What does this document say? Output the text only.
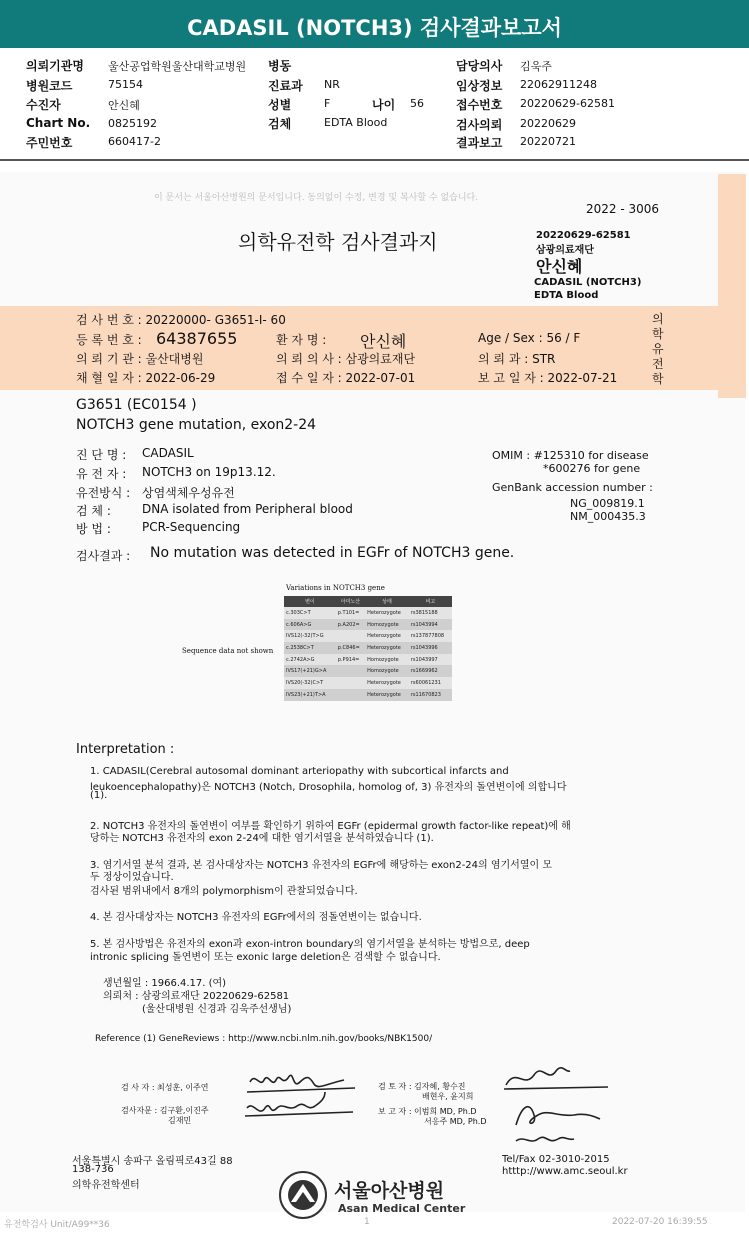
CADASIL (NOTCH3) 검사결과보고서
의뢰기관명 울산공업학원울산대학교병원
병원코드	75154
수진자	안신혜
Chart No. 0825192
주민번호	660417-2
병동
진료과 NR
성별	F	나이 56
검체	EDTA Blood
담당의사 김욱주
임상정보 22062911248
접수번호 20220629-62581
검사의뢰 20220629
결과보고 20220721
이 문서는 서울아산병원의 문서입니다. 동의없이 수정, 변경 및 복사할 수 없습니다.
2022 - 3006
의학유전학 검사결과지	20220629-62581
삼광의료재단
안신혜
CADASIL (NOTCH3)
EDTA Blood
의학유전학
검 사 번 호 : 20220000- G3651-I- 60
등 록 번 호 : 64387655	환 자 명 : 안신혜	Age / Sex : 56 / F
의 뢰 기 관 : 울산대병원	의 뢰 의 사 : 삼광의료재단	의 뢰 과 : STR
채 혈 일 자 : 2022-06-29	접 수 일 자 : 2022-07-01	보 고 일 자 : 2022-07-21
G3651 (EC0154 )
NOTCH3 gene mutation, exon2-24
진 단 명 : CADASIL
유 전 자 : NOTCH3 on 19p13.12.
유전방식 : 상염색체우성유전
검 체 :	DNA isolated from Peripheral blood
방 법 :	PCR-Sequencing
OMIM : #125310 for disease
*600276 for gene
GenBank accession number :
NG_009819.1
NM_000435.3
검사결과 : No mutation was detected in EGFr of NOTCH3 gene.
Variations in NOTCH3 gene
Sequence data not shown
변이	아미노산	상태	비고
c.303C>T	p.T101=	Heterozygote	rs3815188
c.606A>G	p.A202=	Homozygote	rs1043994
IVS12(-32)T>G		Heterozygote	rs137877808
c.2538C>T	p.C846=	Heterozygote	rs1043996
c.2742A>G	p.P914=	Homozygote	rs1043997
IVS17(+21)G>A		Homozygote	rs1669962
IVS20(-32)C>T		Heterozygote	rs60061231
IVS23(+21)T>A		Heterozygote	rs11670823
Interpretation :
1. CADASIL(Cerebral autosomal dominant arteriopathy with subcortical infarcts and
leukoencephalopathy)은 NOTCH3 (Notch, Drosophila, homolog of, 3) 유전자의 돌연변이에 의합니다
(1).
2. NOTCH3 유전자의 돌연변이 여부를 확인하기 위하여 EGFr (epidermal growth factor-like repeat)에 해
당하는 NOTCH3 유전자의 exon 2-24에 대한 염기서열을 분석하였습니다 (1).
3. 염기서열 분석 결과, 본 검사대상자는 NOTCH3 유전자의 EGFr에 해당하는 exon2-24의 염기서열이 모
두 정상이었습니다.
검사된 범위내에서 8개의 polymorphism이 관찰되었습니다.
4. 본 검사대상자는 NOTCH3 유전자의 EGFr에서의 점돌연변이는 없습니다.
5. 본 검사방법은 유전자의 exon과 exon-intron boundary의 염기서열을 분석하는 방법으로, deep
intronic splicing 돌연변이 또는 exonic large deletion은 검색할 수 없습니다.
생년월일 : 1966.4.17. (여)
의뢰처 : 삼광의료재단 20220629-62581
(울산대병원 신경과 김욱주선생님)
Reference (1) GeneReviews : http://www.ncbi.nlm.nih.gov/books/NBK1500/
검 사 자 : 최성훈, 이주연
검사자문 : 김구환,이진주
김재민
검 토 자 : 김자혜, 황수진
배현우, 윤지희
보 고 자 : 이범희 MD, Ph.D
서응주 MD, Ph.D
서울특별시 송파구 올림픽로43길 88
138-736
의학유전학센터
Tel/Fax 02-3010-2015
htttp://www.amc.seoul.kr
서울아산병원
Asan Medical Center
유전학검사 Unit/A99**36	1	2022-07-20 16:39:55
